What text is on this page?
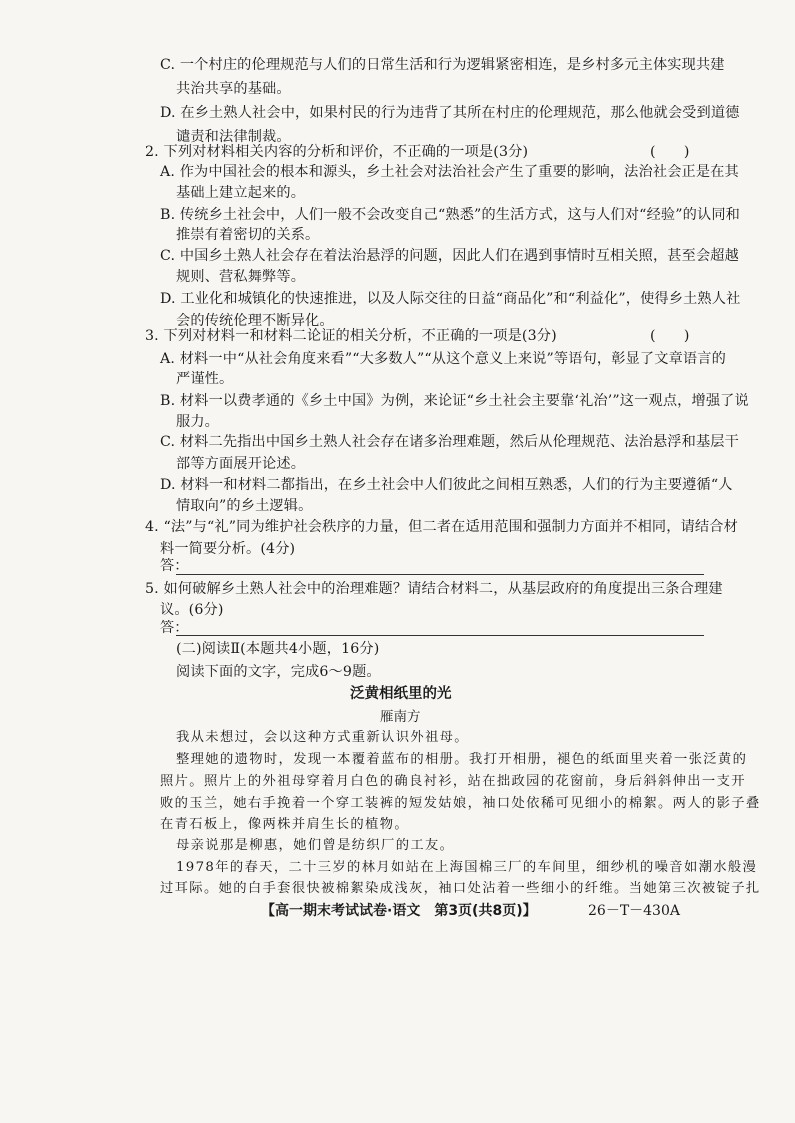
C. 一个村庄的伦理规范与人们的日常生活和行为逻辑紧密相连，是乡村多元主体实现共建
共治共享的基础。
D. 在乡土熟人社会中，如果村民的行为违背了其所在村庄的伦理规范，那么他就会受到道德
谴责和法律制裁。
2. 下列对材料相关内容的分析和评价，不正确的一项是(3分)	(　　)
A. 作为中国社会的根本和源头，乡土社会对法治社会产生了重要的影响，法治社会正是在其
基础上建立起来的。
B. 传统乡土社会中，人们一般不会改变自己“熟悉”的生活方式，这与人们对“经验”的认同和
推崇有着密切的关系。
C. 中国乡土熟人社会存在着法治悬浮的问题，因此人们在遇到事情时互相关照，甚至会超越
规则、营私舞弊等。
D. 工业化和城镇化的快速推进，以及人际交往的日益“商品化”和“利益化”，使得乡土熟人社
会的传统伦理不断异化。
3. 下列对材料一和材料二论证的相关分析，不正确的一项是(3分)	(　　)
A. 材料一中“从社会角度来看”“大多数人”“从这个意义上来说”等语句，彰显了文章语言的
严谨性。
B. 材料一以费孝通的《乡土中国》为例，来论证“乡土社会主要靠‘礼治’”这一观点，增强了说
服力。
C. 材料二先指出中国乡土熟人社会存在诸多治理难题，然后从伦理规范、法治悬浮和基层干
部等方面展开论述。
D. 材料一和材料二都指出，在乡土社会中人们彼此之间相互熟悉，人们的行为主要遵循“人
情取向”的乡土逻辑。
4. “法”与“礼”同为维护社会秩序的力量，但二者在适用范围和强制力方面并不相同，请结合材
料一简要分析。(4分)
答：
5. 如何破解乡土熟人社会中的治理难题？请结合材料二，从基层政府的角度提出三条合理建
议。(6分)
答：
(二)阅读Ⅱ(本题共4小题，16分)
阅读下面的文字，完成6～9题。
泛黄相纸里的光
雁南方
我从未想过，会以这种方式重新认识外祖母。
整理她的遗物时，发现一本覆着蓝布的相册。我打开相册，褪色的纸面里夹着一张泛黄的
照片。照片上的外祖母穿着月白色的确良衬衫，站在拙政园的花窗前，身后斜斜伸出一支开
败的玉兰，她右手挽着一个穿工装裤的短发姑娘，袖口处依稀可见细小的棉絮。两人的影子叠
在青石板上，像两株并肩生长的植物。
母亲说那是柳惠，她们曾是纺织厂的工友。
1978年的春天，二十三岁的林月如站在上海国棉三厂的车间里，细纱机的噪音如潮水般漫
过耳际。她的白手套很快被棉絮染成浅灰，袖口处沾着一些细小的纤维。当她第三次被锭子扎
【高一期末考试试卷·语文　第3页(共8页)】	26－T－430A
